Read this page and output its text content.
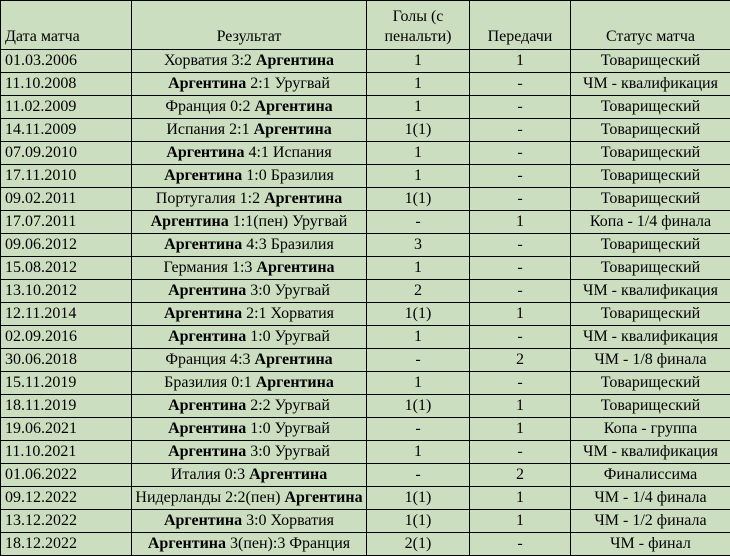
Дата матча	Результат	Голы (с пенальти)	Передачи	Статус матча
01.03.2006	Хорватия 3:2 Аргентина	1	1	Товарищеский
11.10.2008	Аргентина 2:1 Уругвай	1	-	ЧМ - квалификация
11.02.2009	Франция 0:2 Аргентина	1	-	Товарищеский
14.11.2009	Испания 2:1 Аргентина	1(1)	-	Товарищеский
07.09.2010	Аргентина 4:1 Испания	1	-	Товарищеский
17.11.2010	Аргентина 1:0 Бразилия	1	-	Товарищеский
09.02.2011	Португалия 1:2 Аргентина	1(1)	-	Товарищеский
17.07.2011	Аргентина 1:1(пен) Уругвай	-	1	Копа - 1/4 финала
09.06.2012	Аргентина 4:3 Бразилия	3	-	Товарищеский
15.08.2012	Германия 1:3 Аргентина	1	-	Товарищеский
13.10.2012	Аргентина 3:0 Уругвай	2	-	ЧМ - квалификация
12.11.2014	Аргентина 2:1 Хорватия	1(1)	1	Товарищеский
02.09.2016	Аргентина 1:0 Уругвай	1	-	ЧМ - квалификация
30.06.2018	Франция 4:3 Аргентина	-	2	ЧМ - 1/8 финала
15.11.2019	Бразилия 0:1 Аргентина	1	-	Товарищеский
18.11.2019	Аргентина 2:2 Уругвай	1(1)	1	Товарищеский
19.06.2021	Аргентина 1:0 Уругвай	-	1	Копа - группа
11.10.2021	Аргентина 3:0 Уругвай	1	-	ЧМ - квалификация
01.06.2022	Италия 0:3 Аргентина	-	2	Финалиссима
09.12.2022	Нидерланды 2:2(пен) Аргентина	1(1)	1	ЧМ - 1/4 финала
13.12.2022	Аргентина 3:0 Хорватия	1(1)	1	ЧМ - 1/2 финала
18.12.2022	Аргентина 3(пен):3 Франция	2(1)	-	ЧМ - финал
